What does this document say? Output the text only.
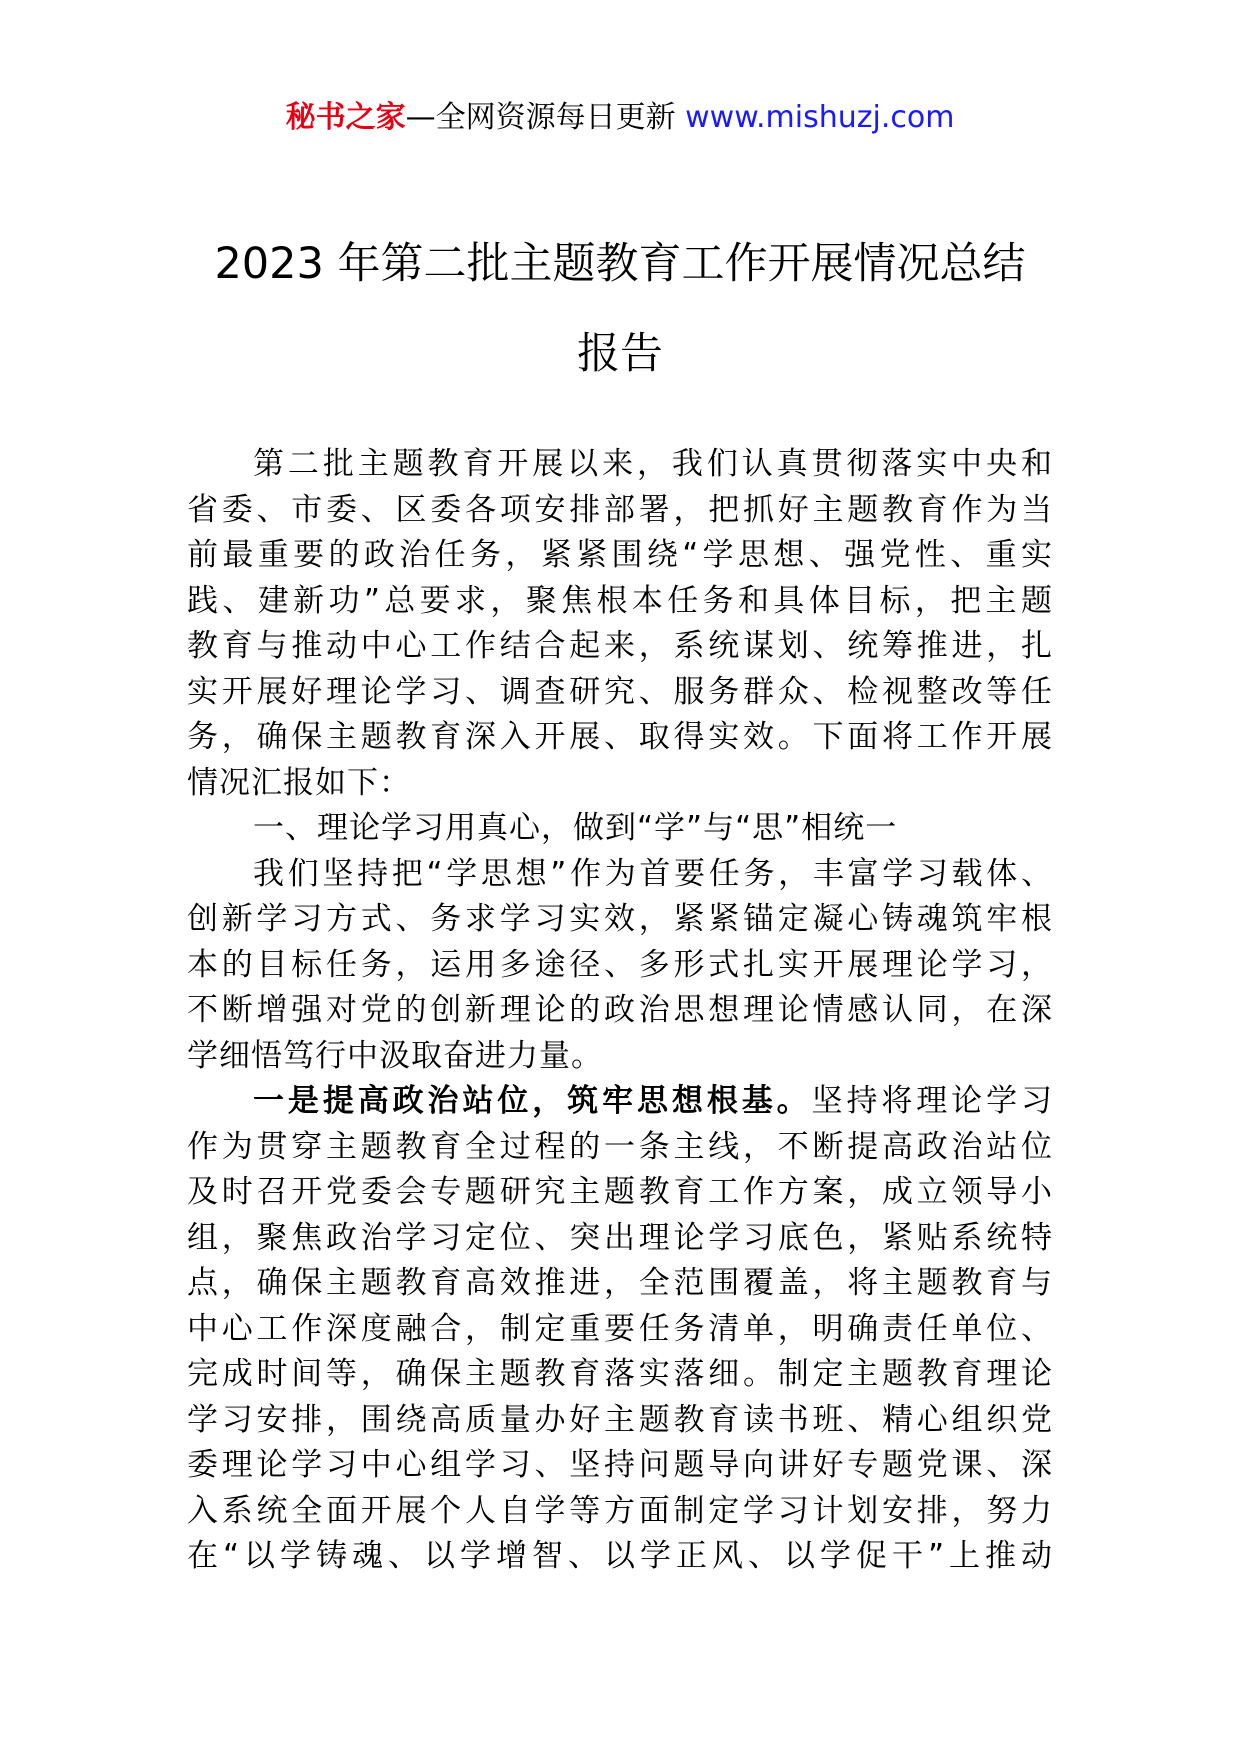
秘书之家—全网资源每日更新 www.mishuzj.com
2023 年第二批主题教育工作开展情况总结
报告
第二批主题教育开展以来，我们认真贯彻落实中央和
省委、市委、区委各项安排部署，把抓好主题教育作为当
前最重要的政治任务，紧紧围绕“学思想、强党性、重实
践、建新功”总要求，聚焦根本任务和具体目标，把主题
教育与推动中心工作结合起来，系统谋划、统筹推进，扎
实开展好理论学习、调查研究、服务群众、检视整改等任
务，确保主题教育深入开展、取得实效。下面将工作开展
情况汇报如下：
一、理论学习用真心，做到“学”与“思”相统一
我们坚持把“学思想”作为首要任务，丰富学习载体、
创新学习方式、务求学习实效，紧紧锚定凝心铸魂筑牢根
本的目标任务，运用多途径、多形式扎实开展理论学习，
不断增强对党的创新理论的政治思想理论情感认同，在深
学细悟笃行中汲取奋进力量。
一是提高政治站位，筑牢思想根基。坚持将理论学习
作为贯穿主题教育全过程的一条主线，不断提高政治站位
及时召开党委会专题研究主题教育工作方案，成立领导小
组，聚焦政治学习定位、突出理论学习底色，紧贴系统特
点，确保主题教育高效推进，全范围覆盖，将主题教育与
中心工作深度融合，制定重要任务清单，明确责任单位、
完成时间等，确保主题教育落实落细。制定主题教育理论
学习安排，围绕高质量办好主题教育读书班、精心组织党
委理论学习中心组学习、坚持问题导向讲好专题党课、深
入系统全面开展个人自学等方面制定学习计划安排，努力
在“以学铸魂、以学增智、以学正风、以学促干”上推动
